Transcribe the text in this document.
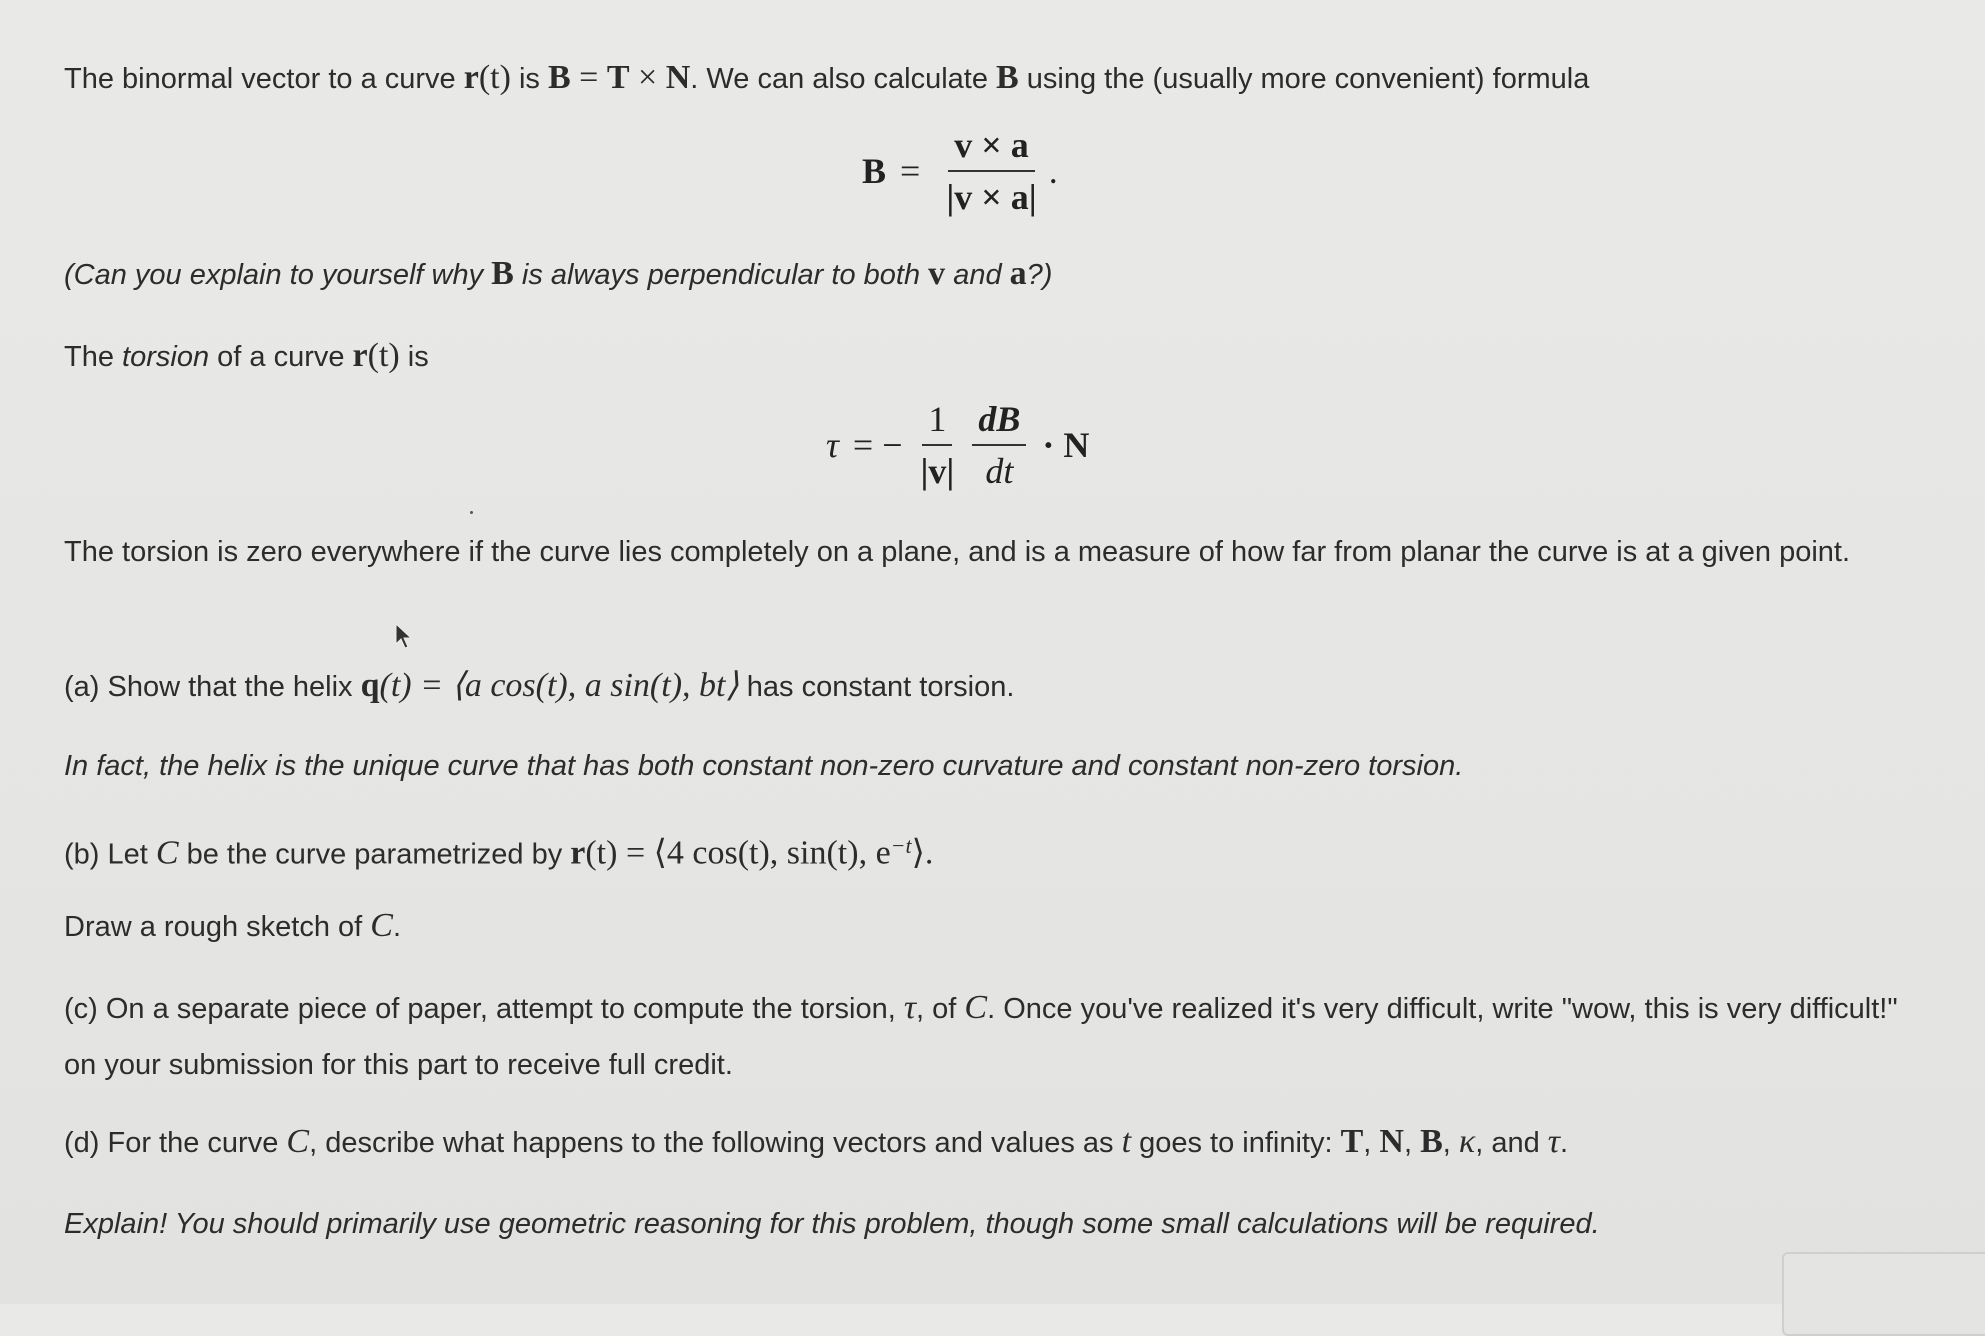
The binormal vector to a curve r(t) is B = T × N. We can also calculate B using the (usually more convenient) formula
$B = \frac{v \times a}{|v \times a|}$ .
(Can you explain to yourself why B is always perpendicular to both v and a?)
The torsion of a curve r(t) is
τ = − $\frac{1}{|v|} \frac{dB}{dt} \cdot N$
The torsion is zero everywhere if the curve lies completely on a plane, and is a measure of how far from planar the curve is at a given point.
(a) Show that the helix q(t) = ⟨a cos(t), a sin(t), bt⟩ has constant torsion.
In fact, the helix is the unique curve that has both constant non-zero curvature and constant non-zero torsion.
(b) Let C be the curve parametrized by r(t) = ⟨4 cos(t), sin(t), $e^{-t}⟩$.
Draw a rough sketch of C.
(c) On a separate piece of paper, attempt to compute the torsion, τ, of C. Once you've realized it's very difficult, write "wow, this is very difficult!" on your submission for this part to receive full credit.
(d) For the curve C, describe what happens to the following vectors and values as t goes to infinity: T, N, B, κ, and τ.
Explain! You should primarily use geometric reasoning for this problem, though some small calculations will be required.
